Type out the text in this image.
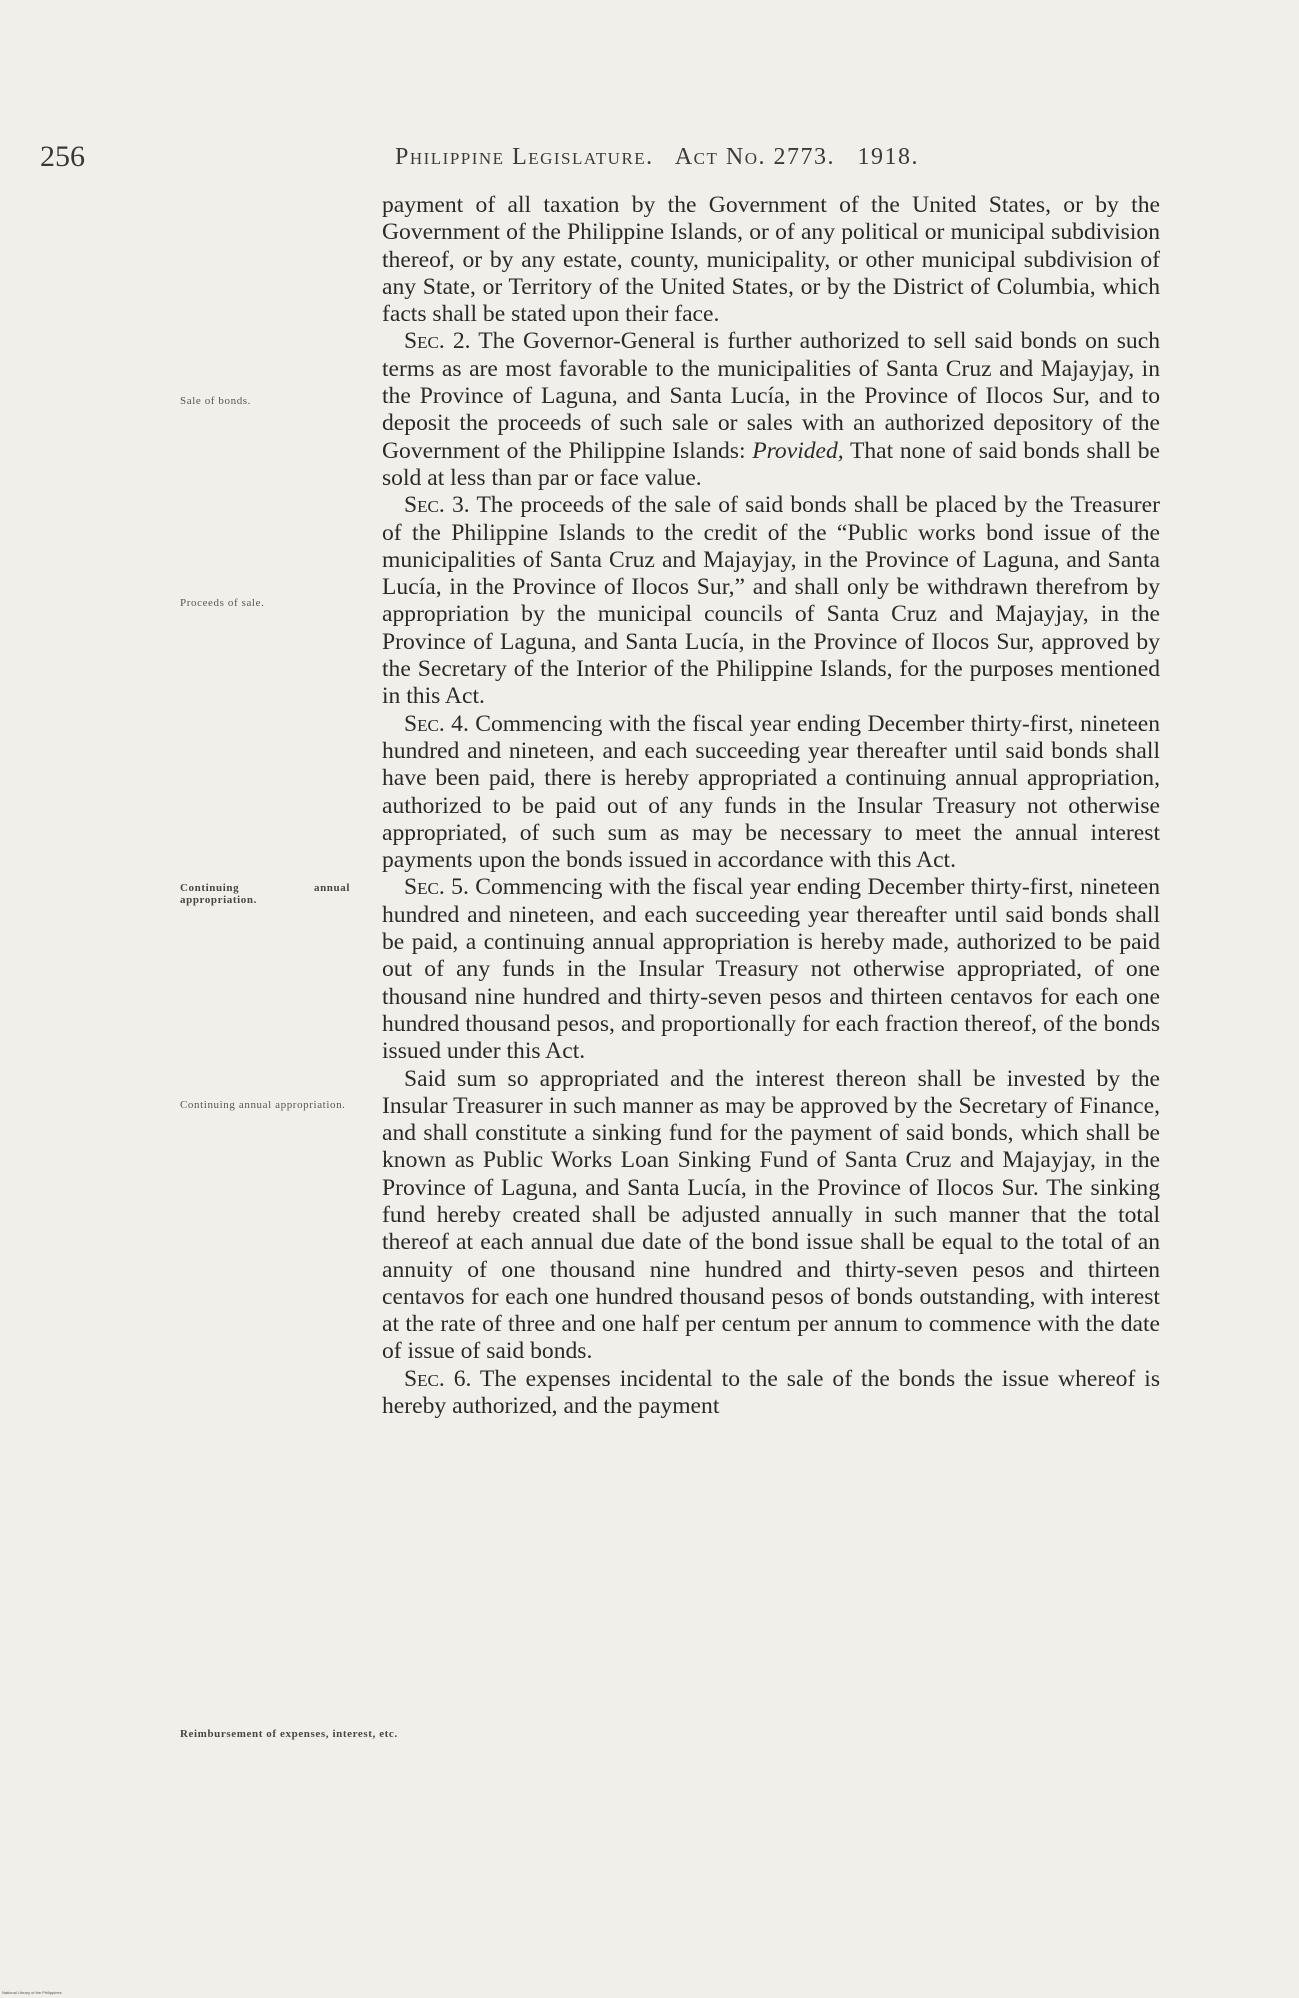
256	Philippine Legislature.   Act No. 2773.   1918.
Sale of bonds.
Proceeds of sale.
Continuing annual appropriation.
Continuing annual appropriation.
Reimbursement of expenses, interest, etc.

payment of all taxation by the Government of the United States, or by the Government of the Philippine Islands, or of any political or municipal subdivision thereof, or by any estate, county, municipality, or other municipal subdivision of any State, or Territory of the United States, or by the District of Columbia, which facts shall be stated upon their face.

Sec. 2. The Governor-General is further authorized to sell said bonds on such terms as are most favorable to the municipalities of Santa Cruz and Majayjay, in the Province of Laguna, and Santa Lucía, in the Province of Ilocos Sur, and to deposit the proceeds of such sale or sales with an authorized depository of the Government of the Philippine Islands: Provided, That none of said bonds shall be sold at less than par or face value.

Sec. 3. The proceeds of the sale of said bonds shall be placed by the Treasurer of the Philippine Islands to the credit of the “Public works bond issue of the municipalities of Santa Cruz and Majayjay, in the Province of Laguna, and Santa Lucía, in the Province of Ilocos Sur,” and shall only be withdrawn therefrom by appropriation by the municipal councils of Santa Cruz and Majayjay, in the Province of Laguna, and Santa Lucía, in the Province of Ilocos Sur, approved by the Secretary of the Interior of the Philippine Islands, for the purposes mentioned in this Act.

Sec. 4. Commencing with the fiscal year ending December thirty-first, nineteen hundred and nineteen, and each succeeding year thereafter until said bonds shall have been paid, there is hereby appropriated a continuing annual appropriation, authorized to be paid out of any funds in the Insular Treasury not otherwise appropriated, of such sum as may be necessary to meet the annual interest payments upon the bonds issued in accordance with this Act.

Sec. 5. Commencing with the fiscal year ending December thirty-first, nineteen hundred and nineteen, and each succeeding year thereafter until said bonds shall be paid, a continuing annual appropriation is hereby made, authorized to be paid out of any funds in the Insular Treasury not otherwise appropriated, of one thousand nine hundred and thirty-seven pesos and thirteen centavos for each one hundred thousand pesos, and proportionally for each fraction thereof, of the bonds issued under this Act.

Said sum so appropriated and the interest thereon shall be invested by the Insular Treasurer in such manner as may be approved by the Secretary of Finance, and shall constitute a sinking fund for the payment of said bonds, which shall be known as Public Works Loan Sinking Fund of Santa Cruz and Majayjay, in the Province of Laguna, and Santa Lucía, in the Province of Ilocos Sur. The sinking fund hereby created shall be adjusted annually in such manner that the total thereof at each annual due date of the bond issue shall be equal to the total of an annuity of one thousand nine hundred and thirty-seven pesos and thirteen centavos for each one hundred thousand pesos of bonds outstanding, with interest at the rate of three and one half per centum per annum to commence with the date of issue of said bonds.

Sec. 6. The expenses incidental to the sale of the bonds the issue whereof is hereby authorized, and the payment

National Library of the Philippines
